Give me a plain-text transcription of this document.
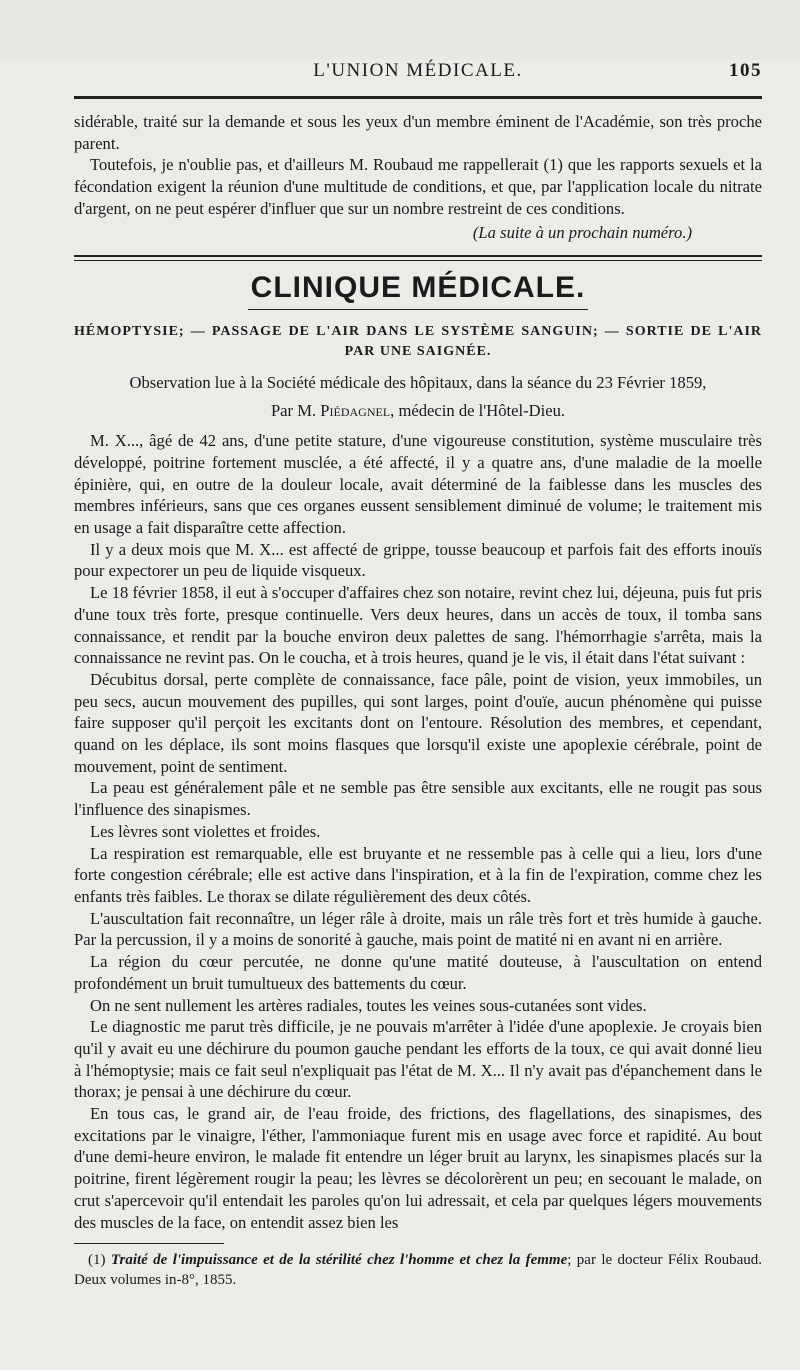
L'UNION MÉDICALE.	105

sidérable, traité sur la demande et sous les yeux d'un membre éminent de l'Académie, son très proche parent.

Toutefois, je n'oublie pas, et d'ailleurs M. Roubaud me rappellerait (1) que les rapports sexuels et la fécondation exigent la réunion d'une multitude de conditions, et que, par l'application locale du nitrate d'argent, on ne peut espérer d'influer que sur un nombre restreint de ces conditions.

(La suite à un prochain numéro.)
CLINIQUE MÉDICALE.
HÉMOPTYSIE; — PASSAGE DE L'AIR DANS LE SYSTÈME SANGUIN; — SORTIE DE L'AIR PAR UNE SAIGNÉE.
Observation lue à la Société médicale des hôpitaux, dans la séance du 23 Février 1859,
Par M. Piédagnel, médecin de l'Hôtel-Dieu.

M. X..., âgé de 42 ans, d'une petite stature, d'une vigoureuse constitution, système musculaire très développé, poitrine fortement musclée, a été affecté, il y a quatre ans, d'une maladie de la moelle épinière, qui, en outre de la douleur locale, avait déterminé de la faiblesse dans les muscles des membres inférieurs, sans que ces organes eussent sensiblement diminué de volume; le traitement mis en usage a fait disparaître cette affection.

Il y a deux mois que M. X... est affecté de grippe, tousse beaucoup et parfois fait des efforts inouïs pour expectorer un peu de liquide visqueux.

Le 18 février 1858, il eut à s'occuper d'affaires chez son notaire, revint chez lui, déjeuna, puis fut pris d'une toux très forte, presque continuelle. Vers deux heures, dans un accès de toux, il tomba sans connaissance, et rendit par la bouche environ deux palettes de sang. l'hémorrhagie s'arrêta, mais la connaissance ne revint pas. On le coucha, et à trois heures, quand je le vis, il était dans l'état suivant :

Décubitus dorsal, perte complète de connaissance, face pâle, point de vision, yeux immobiles, un peu secs, aucun mouvement des pupilles, qui sont larges, point d'ouïe, aucun phénomène qui puisse faire supposer qu'il perçoit les excitants dont on l'entoure. Résolution des membres, et cependant, quand on les déplace, ils sont moins flasques que lorsqu'il existe une apoplexie cérébrale, point de mouvement, point de sentiment.

La peau est généralement pâle et ne semble pas être sensible aux excitants, elle ne rougit pas sous l'influence des sinapismes.

Les lèvres sont violettes et froides.

La respiration est remarquable, elle est bruyante et ne ressemble pas à celle qui a lieu, lors d'une forte congestion cérébrale; elle est active dans l'inspiration, et à la fin de l'expiration, comme chez les enfants très faibles. Le thorax se dilate régulièrement des deux côtés.

L'auscultation fait reconnaître, un léger râle à droite, mais un râle très fort et très humide à gauche. Par la percussion, il y a moins de sonorité à gauche, mais point de matité ni en avant ni en arrière.

La région du cœur percutée, ne donne qu'une matité douteuse, à l'auscultation on entend profondément un bruit tumultueux des battements du cœur.

On ne sent nullement les artères radiales, toutes les veines sous-cutanées sont vides.

Le diagnostic me parut très difficile, je ne pouvais m'arrêter à l'idée d'une apoplexie. Je croyais bien qu'il y avait eu une déchirure du poumon gauche pendant les efforts de la toux, ce qui avait donné lieu à l'hémoptysie; mais ce fait seul n'expliquait pas l'état de M. X... Il n'y avait pas d'épanchement dans le thorax; je pensai à une déchirure du cœur.

En tous cas, le grand air, de l'eau froide, des frictions, des flagellations, des sinapismes, des excitations par le vinaigre, l'éther, l'ammoniaque furent mis en usage avec force et rapidité. Au bout d'une demi-heure environ, le malade fit entendre un léger bruit au larynx, les sinapismes placés sur la poitrine, firent légèrement rougir la peau; les lèvres se décolorèrent un peu; en secouant le malade, on crut s'apercevoir qu'il entendait les paroles qu'on lui adressait, et cela par quelques légers mouvements des muscles de la face, on entendit assez bien les

(1) Traité de l'impuissance et de la stérilité chez l'homme et chez la femme; par le docteur Félix Roubaud. Deux volumes in-8°, 1855.
